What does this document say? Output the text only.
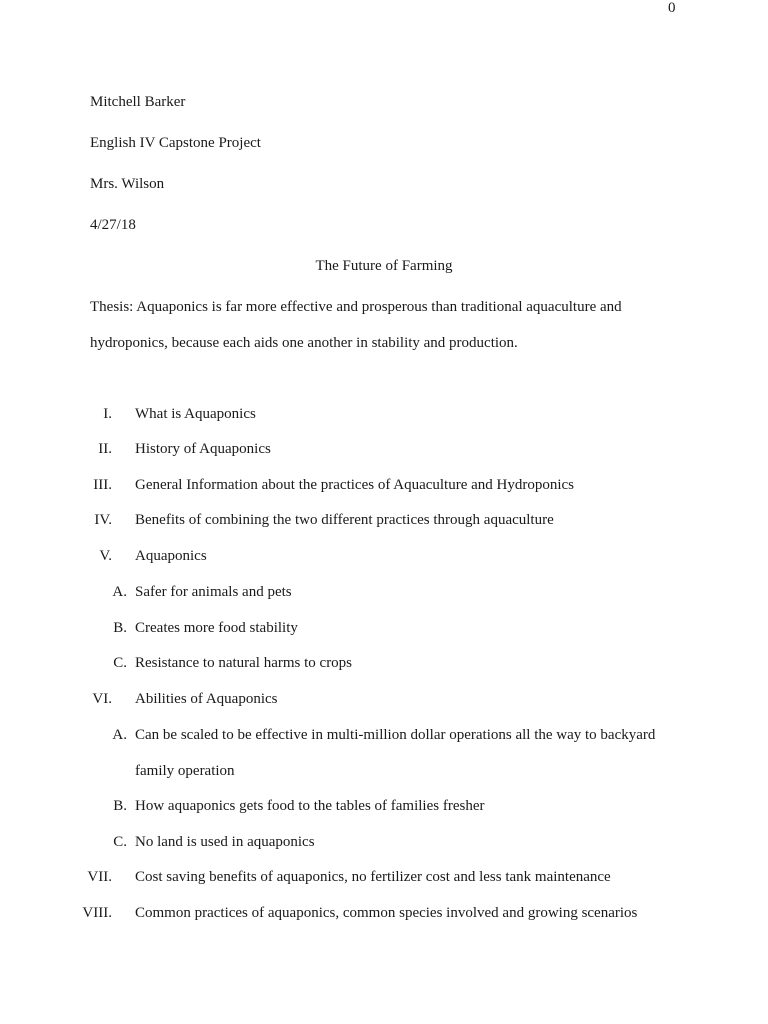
0
Mitchell Barker
English IV Capstone Project
Mrs. Wilson
4/27/18
The Future of Farming
Thesis: Aquaponics is far more effective and prosperous than traditional aquaculture and
hydroponics, because each aids one another in stability and production.
I. What is Aquaponics
II. History of Aquaponics
III. General Information about the practices of Aquaculture and Hydroponics
IV. Benefits of combining the two different practices through aquaculture
V. Aquaponics
A. Safer for animals and pets
B. Creates more food stability
C. Resistance to natural harms to crops
VI. Abilities of Aquaponics
A. Can be scaled to be effective in multi-million dollar operations all the way to backyard
family operation
B. How aquaponics gets food to the tables of families fresher
C. No land is used in aquaponics
VII. Cost saving benefits of aquaponics, no fertilizer cost and less tank maintenance
VIII. Common practices of aquaponics, common species involved and growing scenarios
